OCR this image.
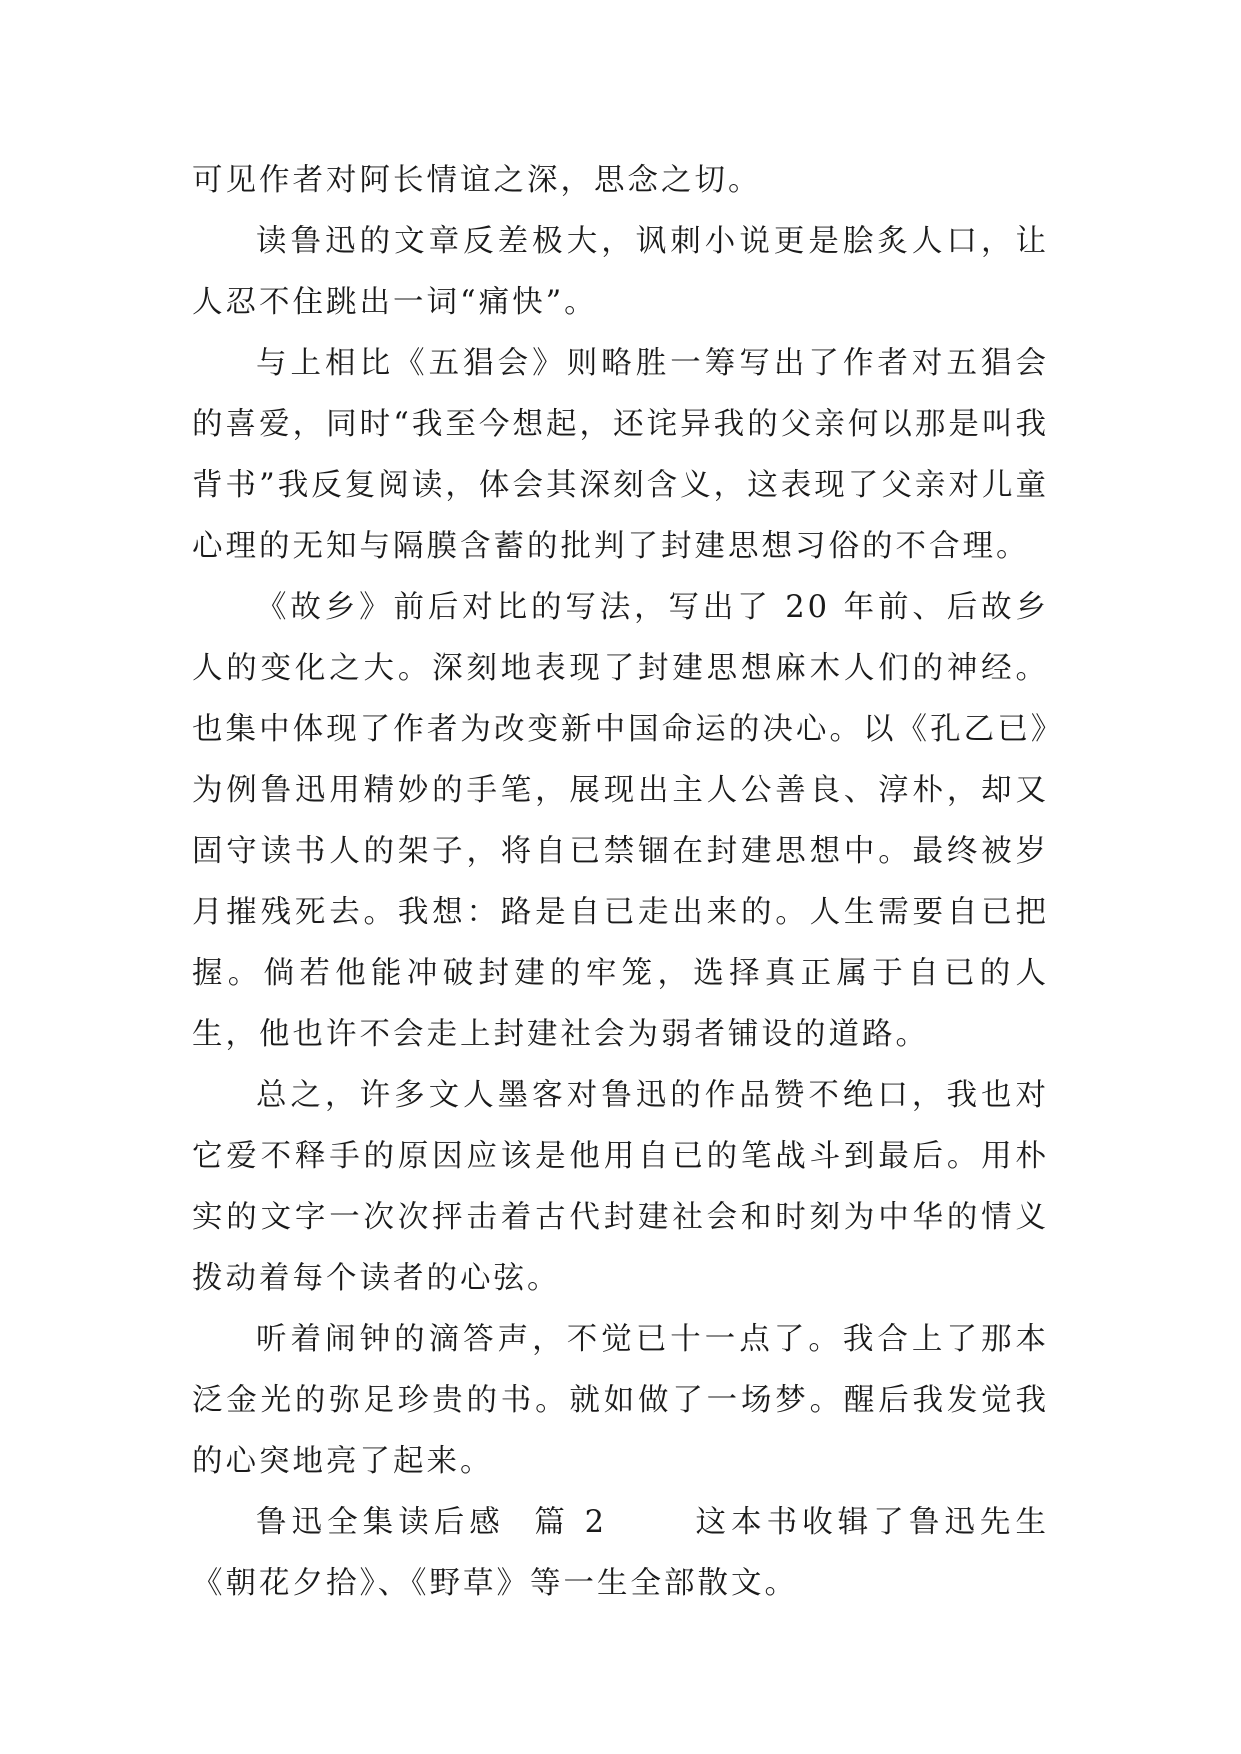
可见作者对阿长情谊之深，思念之切。

读鲁迅的文章反差极大，讽刺小说更是脍炙人口，让人忍不住跳出一词“痛快”。

与上相比《五猖会》则略胜一筹写出了作者对五猖会的喜爱，同时“我至今想起，还诧异我的父亲何以那是叫我背书”我反复阅读，体会其深刻含义，这表现了父亲对儿童心理的无知与隔膜含蓄的批判了封建思想习俗的不合理。

《故乡》前后对比的写法，写出了 20 年前、后故乡人的变化之大。深刻地表现了封建思想麻木人们的神经。也集中体现了作者为改变新中国命运的决心。以《孔乙已》为例鲁迅用精妙的手笔，展现出主人公善良、淳朴，却又固守读书人的架子，将自已禁锢在封建思想中。最终被岁月摧残死去。我想：路是自已走出来的。人生需要自已把握。倘若他能冲破封建的牢笼，选择真正属于自已的人生，他也许不会走上封建社会为弱者铺设的道路。

总之，许多文人墨客对鲁迅的作品赞不绝口，我也对它爱不释手的原因应该是他用自已的笔战斗到最后。用朴实的文字一次次抨击着古代封建社会和时刻为中华的情义拨动着每个读者的心弦。

听着闹钟的滴答声，不觉已十一点了。我合上了那本泛金光的弥足珍贵的书。就如做了一场梦。醒后我发觉我的心突地亮了起来。

鲁迅全集读后感  篇 2      这本书收辑了鲁迅先生《朝花夕拾》、《野草》等一生全部散文。
